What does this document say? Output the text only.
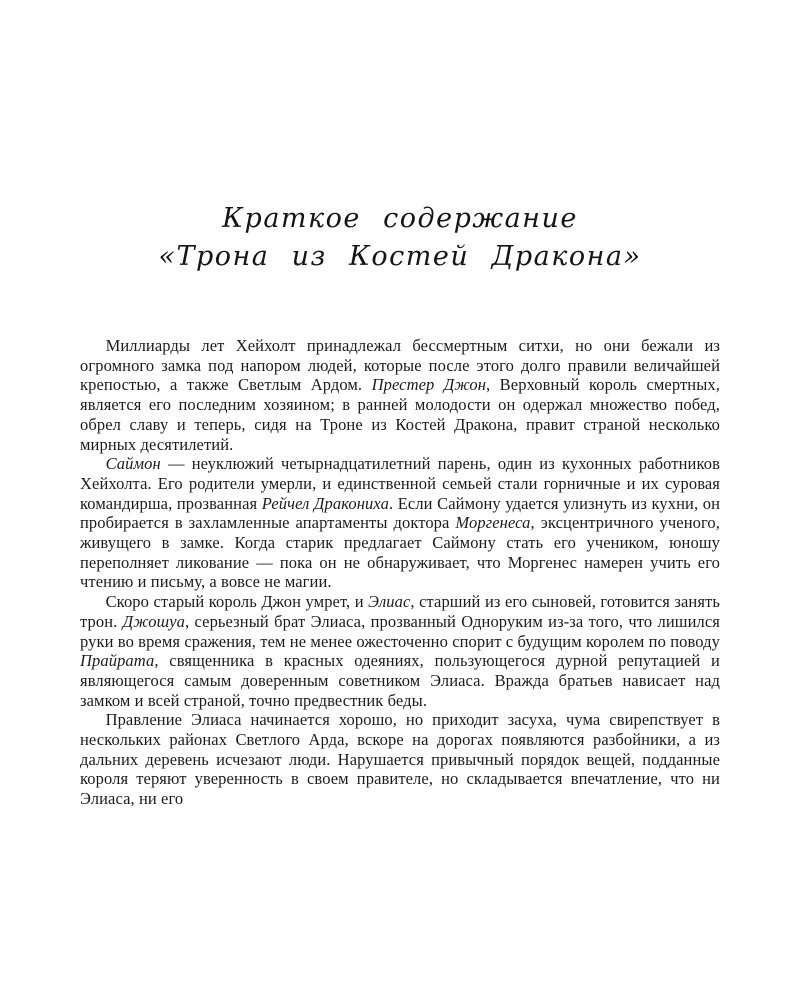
Краткое содержание
«Трона из Костей Дракона»

Миллиарды лет Хейхолт принадлежал бессмертным ситхи, но они бежали из огромного замка под напором людей, которые после этого долго правили величайшей крепостью, а также Светлым Ардом. Престер Джон, Верховный король смертных, является его последним хозяином; в ранней молодости он одержал множество побед, обрел славу и теперь, сидя на Троне из Костей Дракона, правит страной несколько мирных десятилетий.

Саймон — неуклюжий четырнадцатилетний парень, один из кухонных работников Хейхолта. Его родители умерли, и единственной семьей стали горничные и их суровая командирша, прозванная Рейчел Дракониха. Если Саймону удается улизнуть из кухни, он пробирается в захламленные апартаменты доктора Моргенеса, эксцентричного ученого, живущего в замке. Когда старик предлагает Саймону стать его учеником, юношу переполняет ликование — пока он не обнаруживает, что Моргенес намерен учить его чтению и письму, а вовсе не магии.

Скоро старый король Джон умрет, и Элиас, старший из его сыновей, готовится занять трон. Джошуа, серьезный брат Элиаса, прозванный Одноруким из-за того, что лишился руки во время сражения, тем не менее ожесточенно спорит с будущим королем по поводу Прайрата, священника в красных одеяниях, пользующегося дурной репутацией и являющегося самым доверенным советником Элиаса. Вражда братьев нависает над замком и всей страной, точно предвестник беды.

Правление Элиаса начинается хорошо, но приходит засуха, чума свирепствует в нескольких районах Светлого Арда, вскоре на дорогах появляются разбойники, а из дальних деревень исчезают люди. Нарушается привычный порядок вещей, подданные короля теряют уверенность в своем правителе, но складывается впечатление, что ни Элиаса, ни его
